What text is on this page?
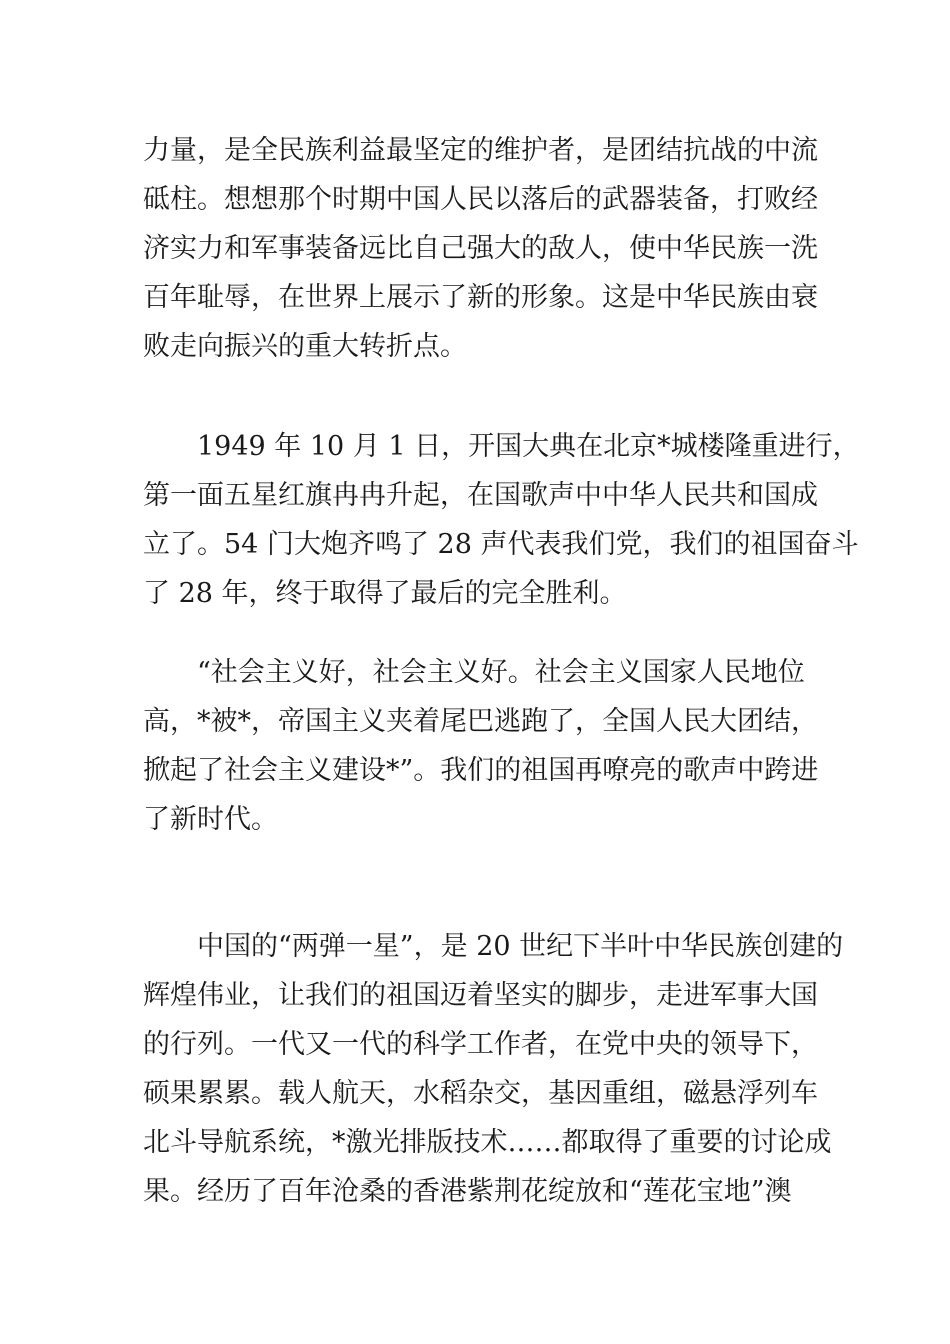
力量，是全民族利益最坚定的维护者，是团结抗战的中流
砥柱。想想那个时期中国人民以落后的武器装备，打败经
济实力和军事装备远比自己强大的敌人，使中华民族一洗
百年耻辱，在世界上展示了新的形象。这是中华民族由衰
败走向振兴的重大转折点。

　　1949 年 10 月 1 日，开国大典在北京*城楼隆重进行，
第一面五星红旗冉冉升起，在国歌声中中华人民共和国成
立了。54 门大炮齐鸣了 28 声代表我们党，我们的祖国奋斗
了 28 年，终于取得了最后的完全胜利。

　　“社会主义好，社会主义好。社会主义国家人民地位
高，*被*，帝国主义夹着尾巴逃跑了，全国人民大团结，
掀起了社会主义建设*”。我们的祖国再嘹亮的歌声中跨进
了新时代。

　　中国的“两弹一星”，是 20 世纪下半叶中华民族创建的
辉煌伟业，让我们的祖国迈着坚实的脚步，走进军事大国
的行列。一代又一代的科学工作者，在党中央的领导下，
硕果累累。载人航天，水稻杂交，基因重组，磁悬浮列车
北斗导航系统，*激光排版技术……都取得了重要的讨论成
果。经历了百年沧桑的香港紫荆花绽放和“莲花宝地”澳
